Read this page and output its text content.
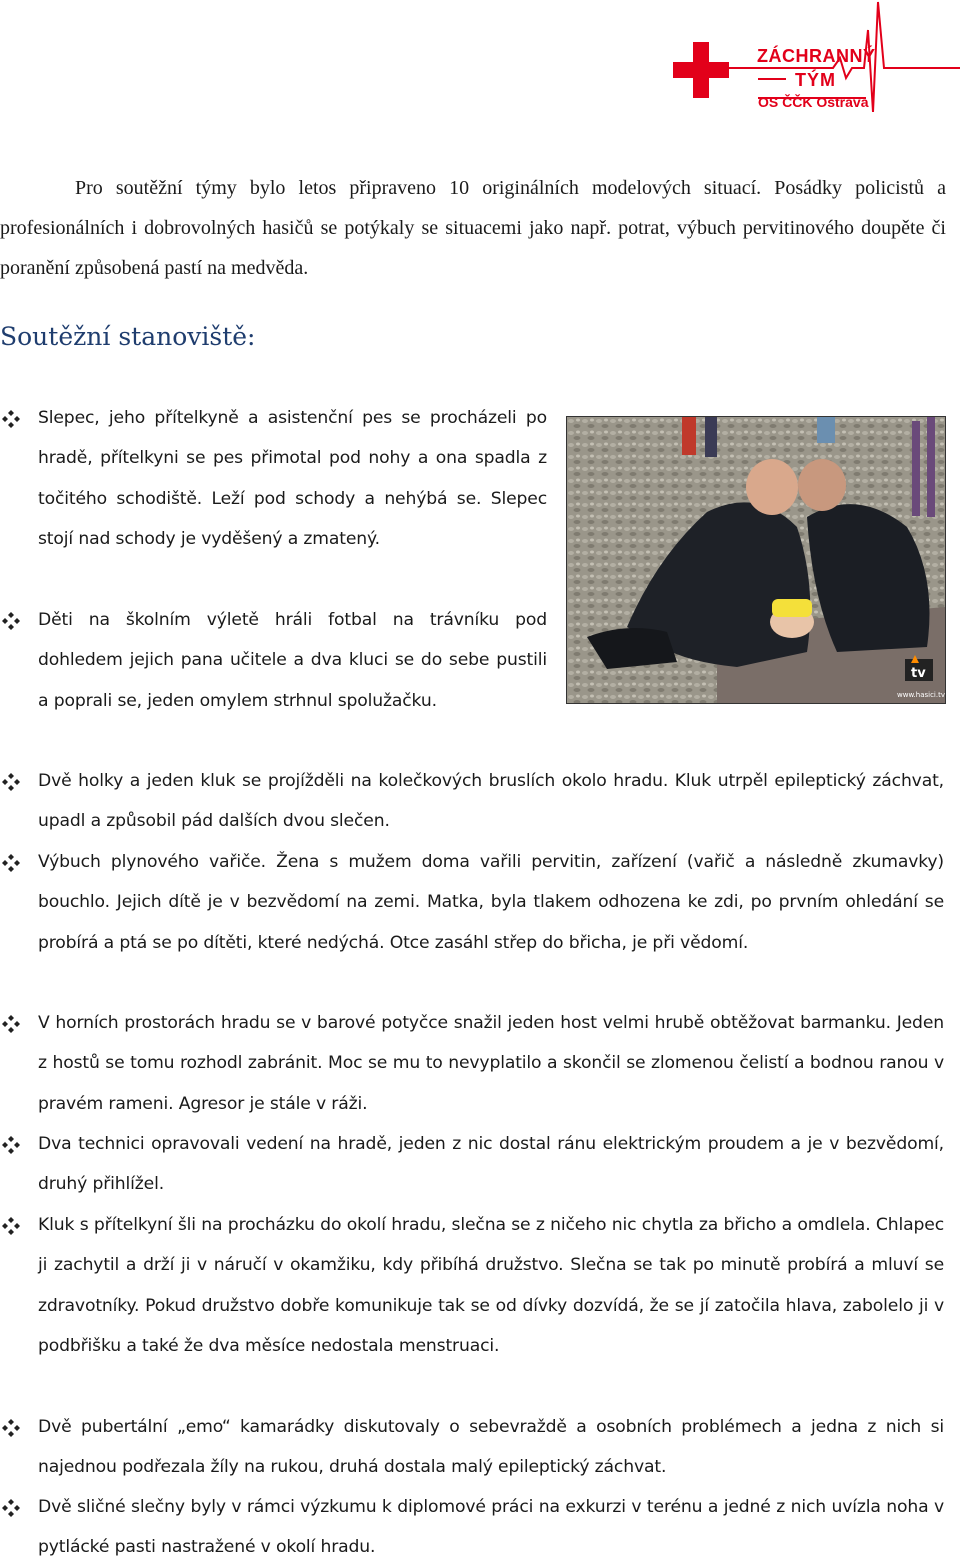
ZÁCHRANNÝ
TÝM
OS ČČK Ostrava

Pro soutěžní týmy bylo letos připraveno 10 originálních modelových situací. Posádky policistů a profesionálních i dobrovolných hasičů se potýkaly se situacemi jako např. potrat, výbuch pervitinového doupěte či poranění způsobená pastí na medvěda.

Soutěžní stanoviště:
tv
www.hasici.tv
Slepec, jeho přítelkyně a asistenční pes se procházeli po hradě, přítelkyni se pes přimotal pod nohy a ona spadla z točitého schodiště. Leží pod schody a nehýbá se. Slepec stojí nad schody je vyděšený a zmatený.
Děti na školním výletě hráli fotbal na trávníku pod dohledem jejich pana učitele a dva kluci se do sebe pustili a poprali se, jeden omylem strhnul spolužačku.
Dvě holky a jeden kluk se projížděli na kolečkových bruslích okolo hradu. Kluk utrpěl epileptický záchvat, upadl a způsobil pád dalších dvou slečen.
Výbuch plynového vařiče. Žena s mužem doma vařili pervitin, zařízení (vařič a následně zkumavky) bouchlo. Jejich dítě je v bezvědomí na zemi. Matka, byla tlakem odhozena ke zdi, po prvním ohledání se probírá a ptá se po dítěti, které nedýchá. Otce zasáhl střep do břicha, je při vědomí.
V horních prostorách hradu se v barové potyčce snažil jeden host velmi hrubě obtěžovat barmanku. Jeden z hostů se tomu rozhodl zabránit. Moc se mu to nevyplatilo a skončil se zlomenou čelistí a bodnou ranou v pravém rameni. Agresor je stále v ráži.
Dva technici opravovali vedení na hradě, jeden z nic dostal ránu elektrickým proudem a je v bezvědomí, druhý přihlížel.
Kluk s přítelkyní šli na procházku do okolí hradu, slečna se z ničeho nic chytla za břicho a omdlela. Chlapec ji zachytil a drží ji v náručí v okamžiku, kdy přibíhá družstvo. Slečna se tak po minutě probírá a mluví se zdravotníky. Pokud družstvo dobře komunikuje tak se od dívky dozvídá, že se jí zatočila hlava, zabolelo ji v podbřišku a také že dva měsíce nedostala menstruaci.
Dvě pubertální „emo“ kamarádky diskutovaly o sebevraždě a osobních problémech a jedna z nich si najednou podřezala žíly na rukou, druhá dostala malý epileptický záchvat.
Dvě sličné slečny byly v rámci výzkumu k diplomové práci na exkurzi v terénu a jedné z nich uvízla noha v pytlácké pasti nastražené v okolí hradu.
